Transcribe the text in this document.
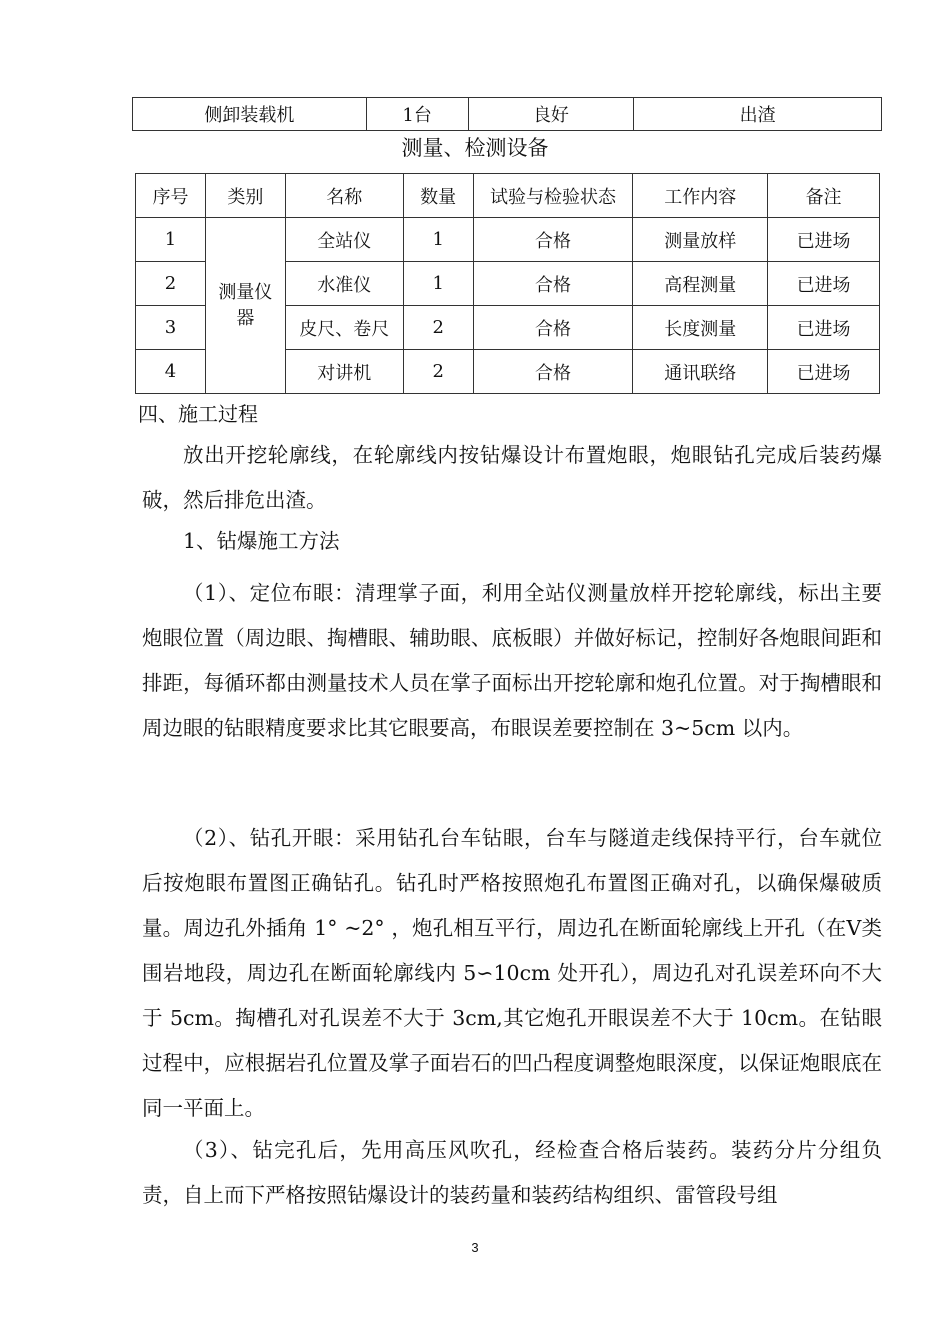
侧卸装载机	1台	良好	出渣
测量、检测设备
序号	类别	名称	数量	试验与检验状态	工作内容	备注
1	测量仪器	全站仪	1	合格	测量放样	已进场
2		水准仪	1	合格	高程测量	已进场
3		皮尺、卷尺	2	合格	长度测量	已进场
4		对讲机	2	合格	通讯联络	已进场
四、施工过程

放出开挖轮廓线，在轮廓线内按钻爆设计布置炮眼，炮眼钻孔完成后装药爆破，然后排危出渣。

1、钻爆施工方法

（1）、定位布眼：清理掌子面，利用全站仪测量放样开挖轮廓线，标出主要炮眼位置（周边眼、掏槽眼、辅助眼、底板眼）并做好标记，控制好各炮眼间距和排距，每循环都由测量技术人员在掌子面标出开挖轮廓和炮孔位置。对于掏槽眼和周边眼的钻眼精度要求比其它眼要高，布眼误差要控制在 3~5cm 以内。

（2）、钻孔开眼：采用钻孔台车钻眼，台车与隧道走线保持平行，台车就位后按炮眼布置图正确钻孔。钻孔时严格按照炮孔布置图正确对孔，以确保爆破质量。周边孔外插角 1° ~2° ，炮孔相互平行，周边孔在断面轮廓线上开孔（在Ⅴ类围岩地段，周边孔在断面轮廓线内 5∽10cm 处开孔），周边孔对孔误差环向不大于 5cm。掏槽孔对孔误差不大于 3cm,其它炮孔开眼误差不大于 10cm。在钻眼过程中，应根据岩孔位置及掌子面岩石的凹凸程度调整炮眼深度，以保证炮眼底在同一平面上。

（3）、钻完孔后，先用高压风吹孔，经检查合格后装药。装药分片分组负责，自上而下严格按照钻爆设计的装药量和装药结构组织、雷管段号组

3
